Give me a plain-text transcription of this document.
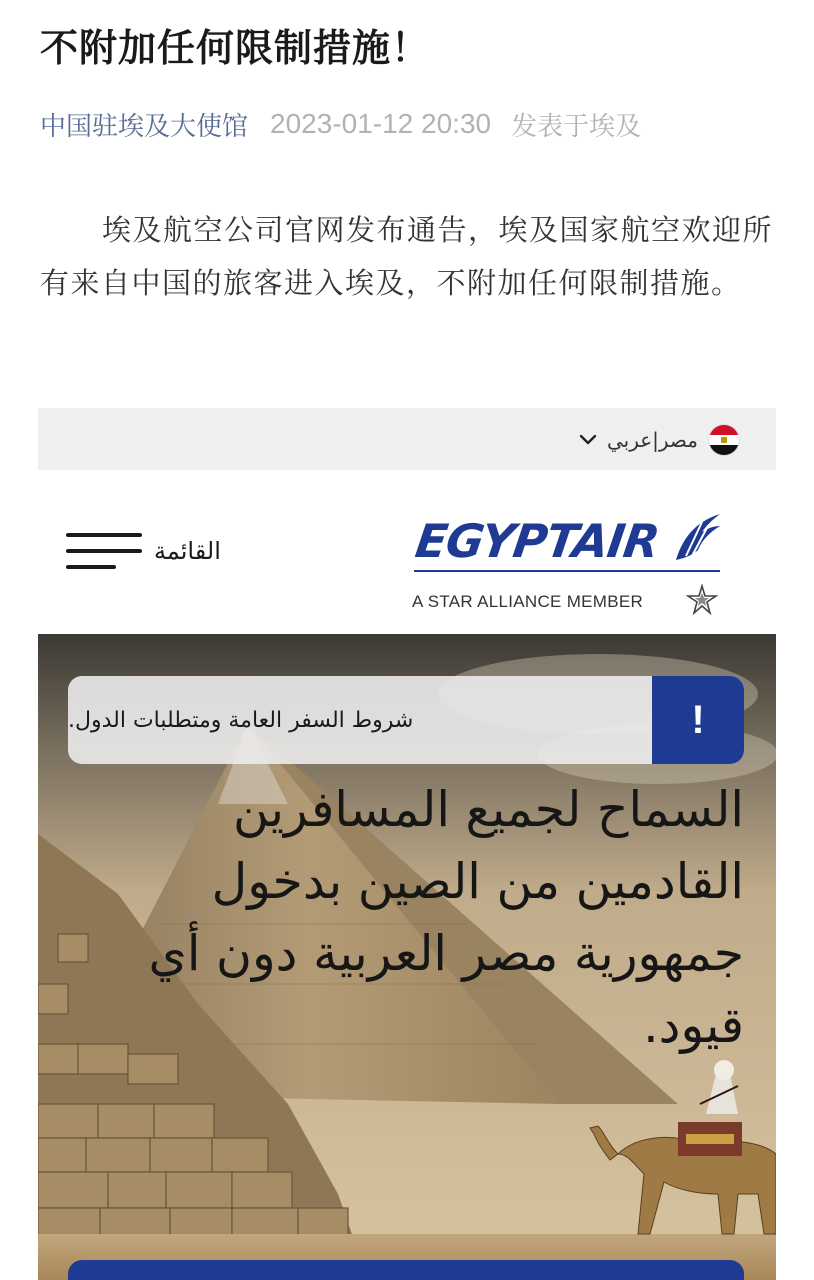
不附加任何限制措施！
中国驻埃及大使馆 2023-01-12 20:30 发表于埃及
埃及航空公司官网发布通告，埃及国家航空欢迎所有来自中国的旅客进入埃及，不附加任何限制措施。
مصر|عربي
القائمة	EGYPTAIR
A STAR ALLIANCE MEMBER
شروط السفر العامة ومتطلبات الدول.	!
السماح لجميع المسافرين القادمين من الصين بدخول جمهورية مصر العربية دون أي قيود.
